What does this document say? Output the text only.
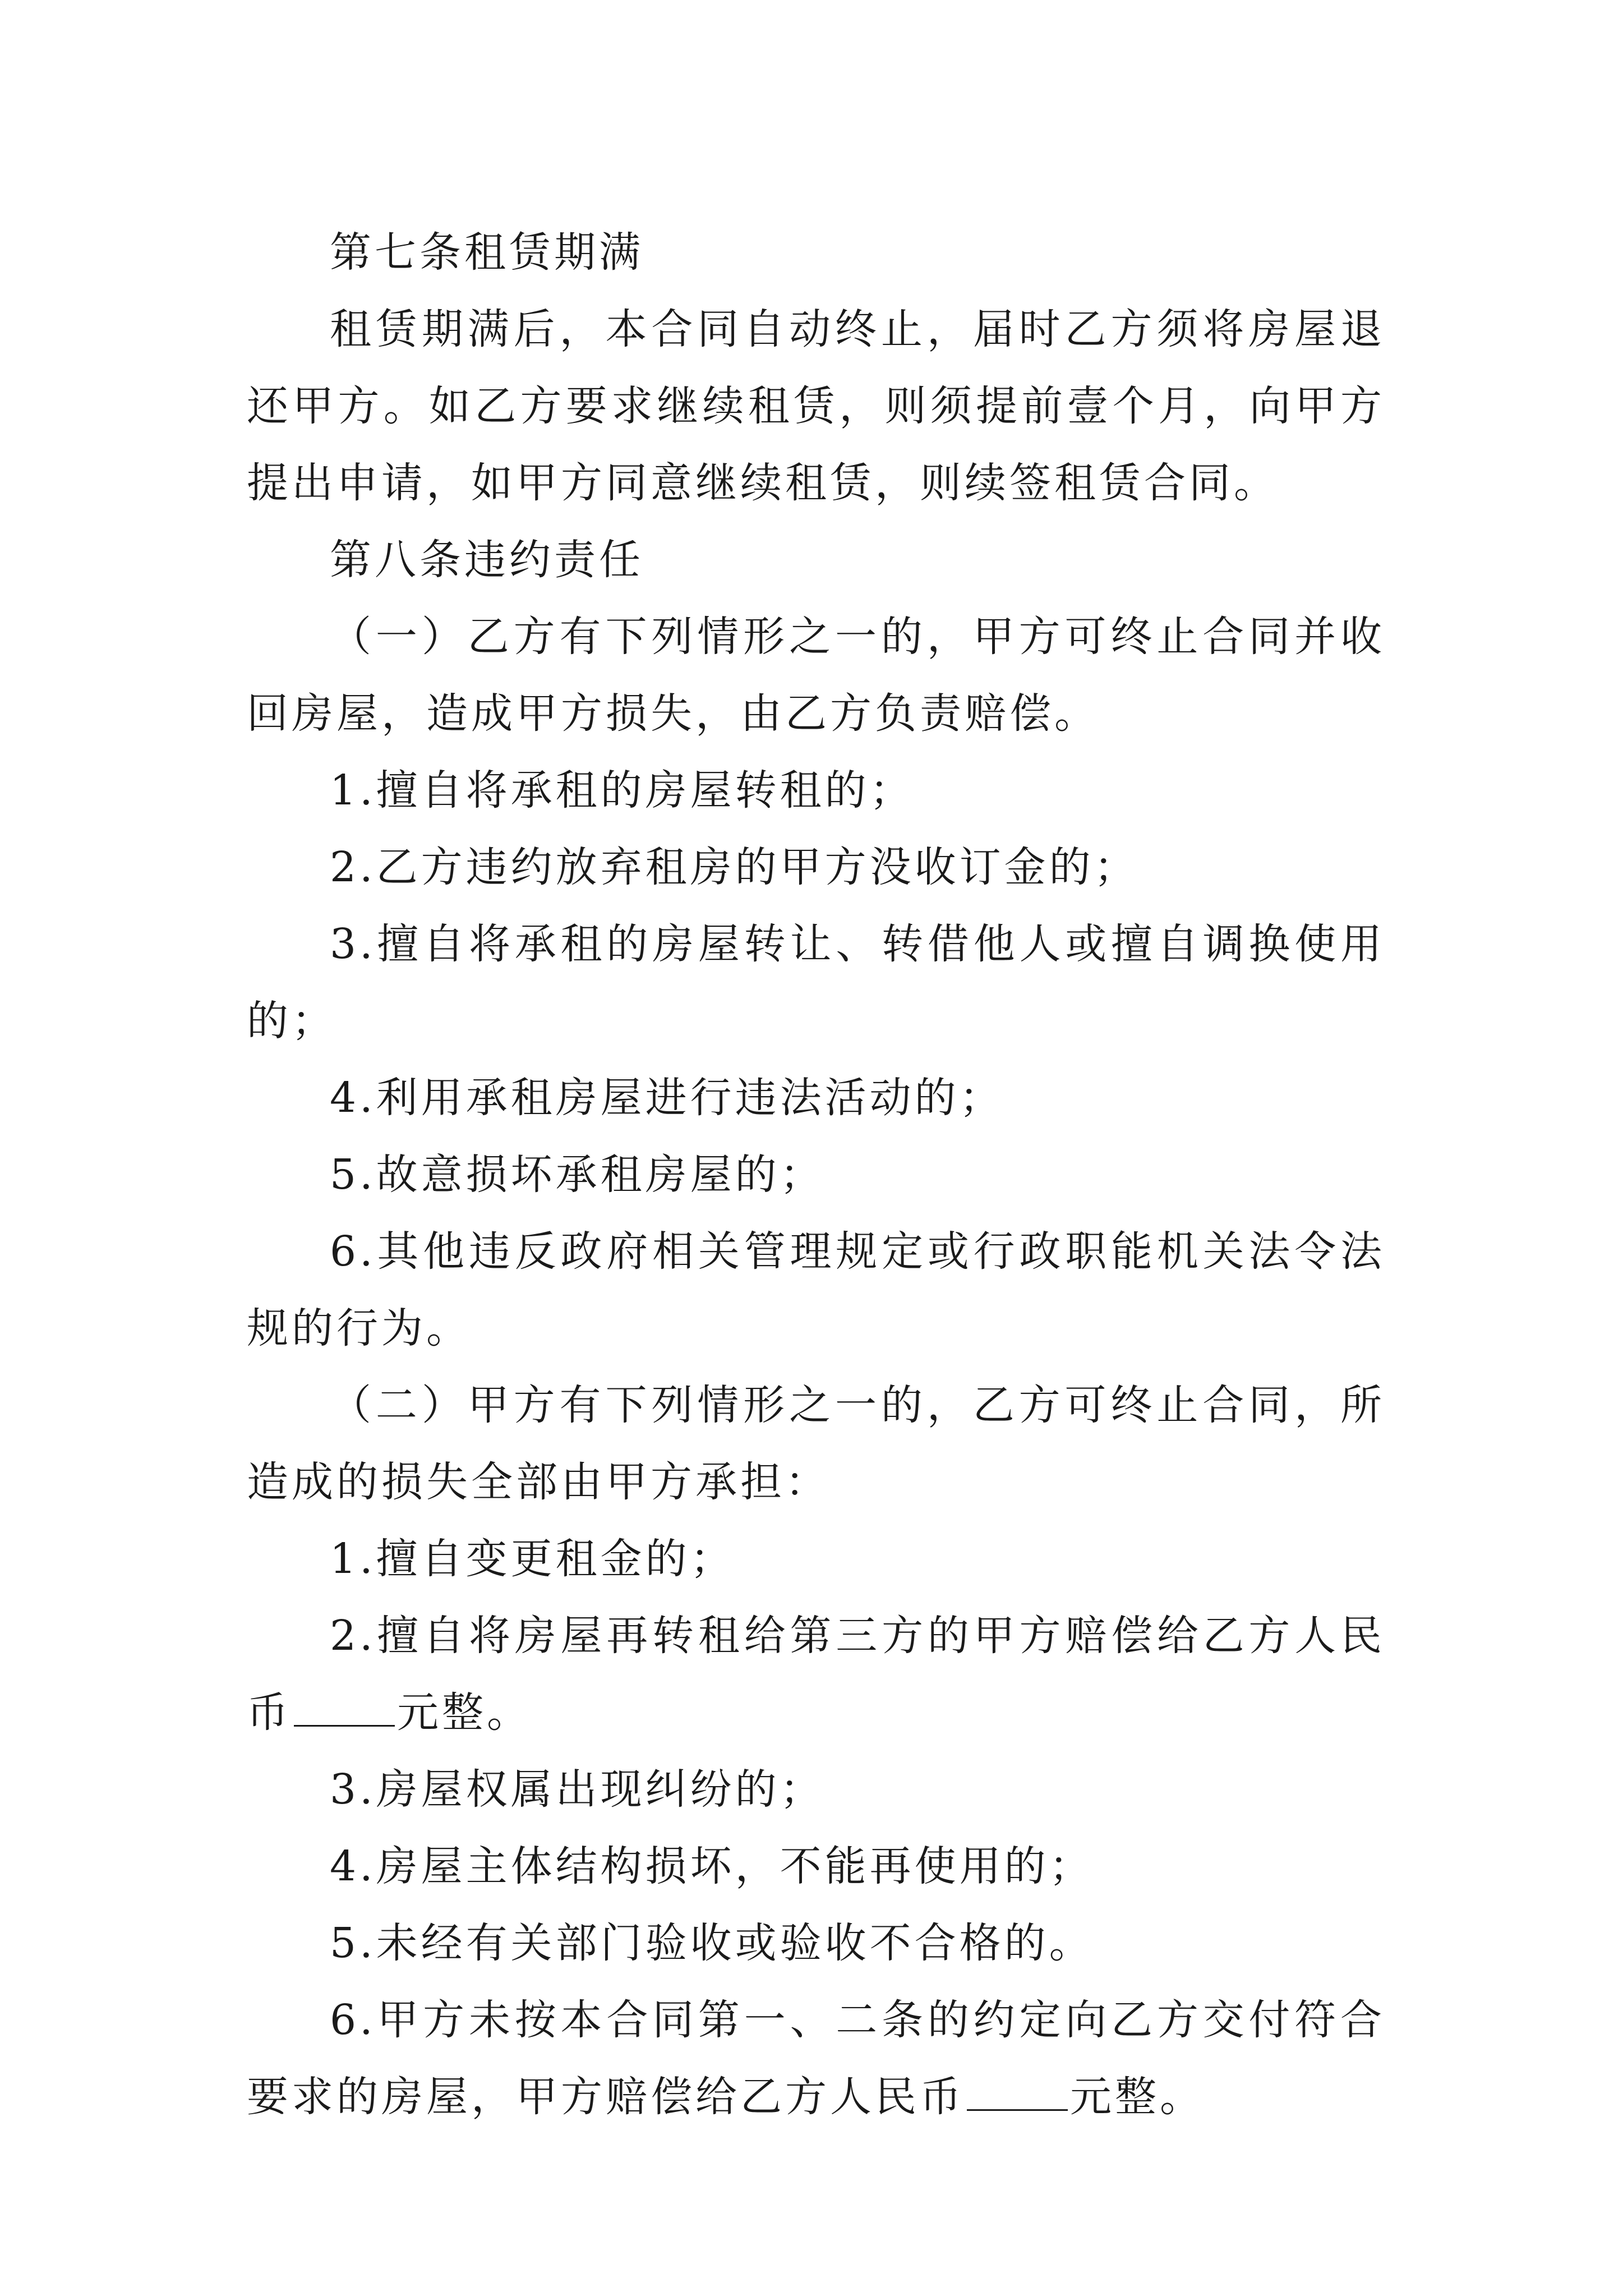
第七条租赁期满

租赁期满后，本合同自动终止，届时乙方须将房屋退还甲方。如乙方要求继续租赁，则须提前壹个月，向甲方提出申请，如甲方同意继续租赁，则续签租赁合同。

第八条违约责任

（一）乙方有下列情形之一的，甲方可终止合同并收回房屋，造成甲方损失，由乙方负责赔偿。

1.擅自将承租的房屋转租的；

2.乙方违约放弃租房的甲方没收订金的；

3.擅自将承租的房屋转让、转借他人或擅自调换使用的；

4.利用承租房屋进行违法活动的；

5.故意损坏承租房屋的；

6.其他违反政府相关管理规定或行政职能机关法令法规的行为。

（二）甲方有下列情形之一的，乙方可终止合同，所造成的损失全部由甲方承担：

1.擅自变更租金的；

2.擅自将房屋再转租给第三方的甲方赔偿给乙方人民币	元整。

3.房屋权属出现纠纷的；

4.房屋主体结构损坏，不能再使用的；

5.未经有关部门验收或验收不合格的。

6.甲方未按本合同第一、二条的约定向乙方交付符合要求的房屋，甲方赔偿给乙方人民币	元整。
